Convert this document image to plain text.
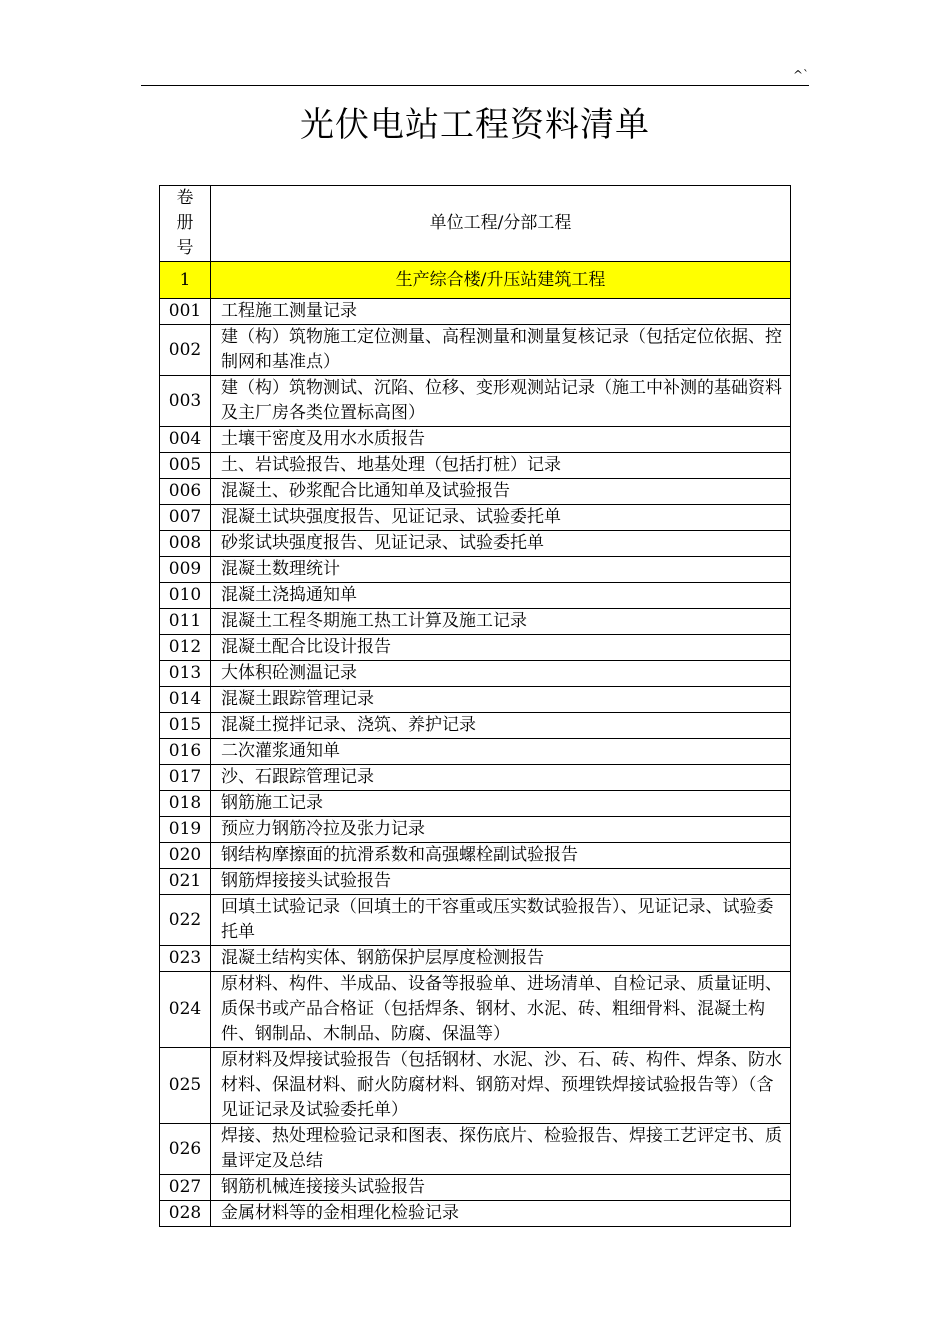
^`
光伏电站工程资料清单
卷
册
号	单位工程/分部工程
1	生产综合楼/升压站建筑工程
001	工程施工测量记录
002	建（构）筑物施工定位测量、高程测量和测量复核记录（包括定位依据、控制网和基准点）
003	建（构）筑物测试、沉陷、位移、变形观测站记录（施工中补测的基础资料及主厂房各类位置标高图）
004	土壤干密度及用水水质报告
005	土、岩试验报告、地基处理（包括打桩）记录
006	混凝土、砂浆配合比通知单及试验报告
007	混凝土试块强度报告、见证记录、试验委托单
008	砂浆试块强度报告、见证记录、试验委托单
009	混凝土数理统计
010	混凝土浇捣通知单
011	混凝土工程冬期施工热工计算及施工记录
012	混凝土配合比设计报告
013	大体积砼测温记录
014	混凝土跟踪管理记录
015	混凝土搅拌记录、浇筑、养护记录
016	二次灌浆通知单
017	沙、石跟踪管理记录
018	钢筋施工记录
019	预应力钢筋冷拉及张力记录
020	钢结构摩擦面的抗滑系数和高强螺栓副试验报告
021	钢筋焊接接头试验报告
022	回填土试验记录（回填土的干容重或压实数试验报告）、见证记录、试验委托单
023	混凝土结构实体、钢筋保护层厚度检测报告
024	原材料、构件、半成品、设备等报验单、进场清单、自检记录、质量证明、质保书或产品合格证（包括焊条、钢材、水泥、砖、粗细骨料、混凝土构件、钢制品、木制品、防腐、保温等）
025	原材料及焊接试验报告（包括钢材、水泥、沙、石、砖、构件、焊条、防水材料、保温材料、耐火防腐材料、钢筋对焊、预埋铁焊接试验报告等）（含见证记录及试验委托单）
026	焊接、热处理检验记录和图表、探伤底片、检验报告、焊接工艺评定书、质量评定及总结
027	钢筋机械连接接头试验报告
028	金属材料等的金相理化检验记录
